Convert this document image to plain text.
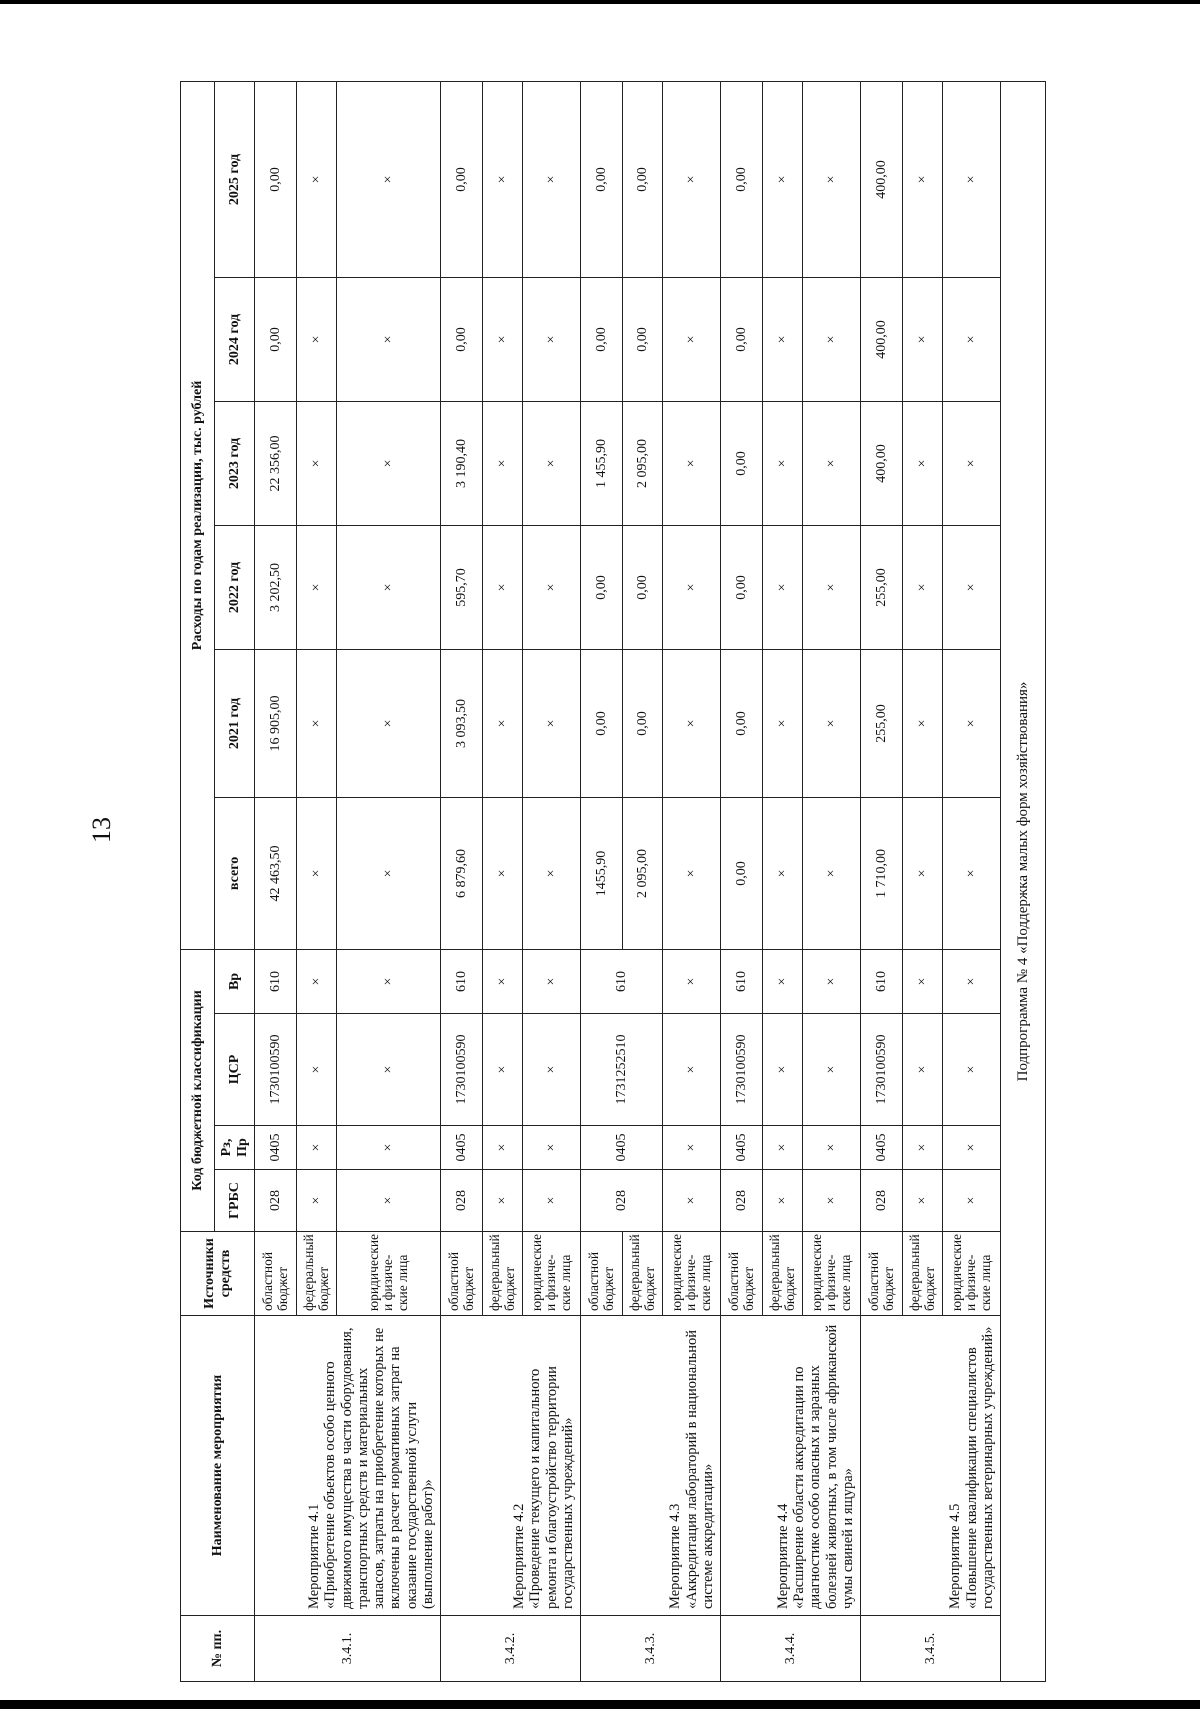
13
№ пп.	Наименование мероприятия	Источники средств	Код бюджетной классификации				Расходы по годам реализации, тыс. рублей					
			ГРБС	Рз, Пр	ЦСР	Вр	всего	2021 год	2022 год	2023 год	2024 год	2025 год
3.4.1.	Мероприятие 4.1
«Приобретение объектов особо ценного движимого имущества в части оборудования, транспортных средств и материальных запасов, затраты на приобретение которых не включены в расчет нормативных затрат на оказание государственной услуги (выполнение работ)»	областной бюджет	028	0405	1730100590	610	42 463,50	16 905,00	3 202,50	22 356,00	0,00	0,00
		федеральный бюджет	×	×	×	×	×	×	×	×	×	×
		юридические и физиче-ские лица	×	×	×	×	×	×	×	×	×	×
3.4.2.	Мероприятие 4.2
«Проведение текущего и капитального ремонта и благоустройство территории государственных учреждений»	областной бюджет	028	0405	1730100590	610	6 879,60	3 093,50	595,70	3 190,40	0,00	0,00
		федеральный бюджет	×	×	×	×	×	×	×	×	×	×
		юридические и физиче-ские лица	×	×	×	×	×	×	×	×	×	×
3.4.3.	Мероприятие 4.3
«Аккредитация лабораторий в национальной системе аккредитации»	областной бюджет	028	0405	1731252510	610	1455,90	0,00	0,00	1 455,90	0,00	0,00
		федеральный бюджет					2 095,00	0,00	0,00	2 095,00	0,00	0,00
		юридические и физиче-ские лица	×	×	×	×	×	×	×	×	×	×
3.4.4.	Мероприятие 4.4
«Расширение области аккредитации по диагностике особо опасных и заразных болезней животных, в том числе африканской чумы свиней и ящура»	областной бюджет	028	0405	1730100590	610	0,00	0,00	0,00	0,00	0,00	0,00
		федеральный бюджет	×	×	×	×	×	×	×	×	×	×
		юридические и физиче-ские лица	×	×	×	×	×	×	×	×	×	×
3.4.5.	Мероприятие 4.5
«Повышение квалификации специалистов государственных ветеринарных учреждений»	областной бюджет	028	0405	1730100590	610	1 710,00	255,00	255,00	400,00	400,00	400,00
		федеральный бюджет	×	×	×	×	×	×	×	×	×	×
		юридические и физиче-ские лица	×	×	×	×	×	×	×	×	×	×
Подпрограмма № 4 «Поддержка малых форм хозяйствования»												
